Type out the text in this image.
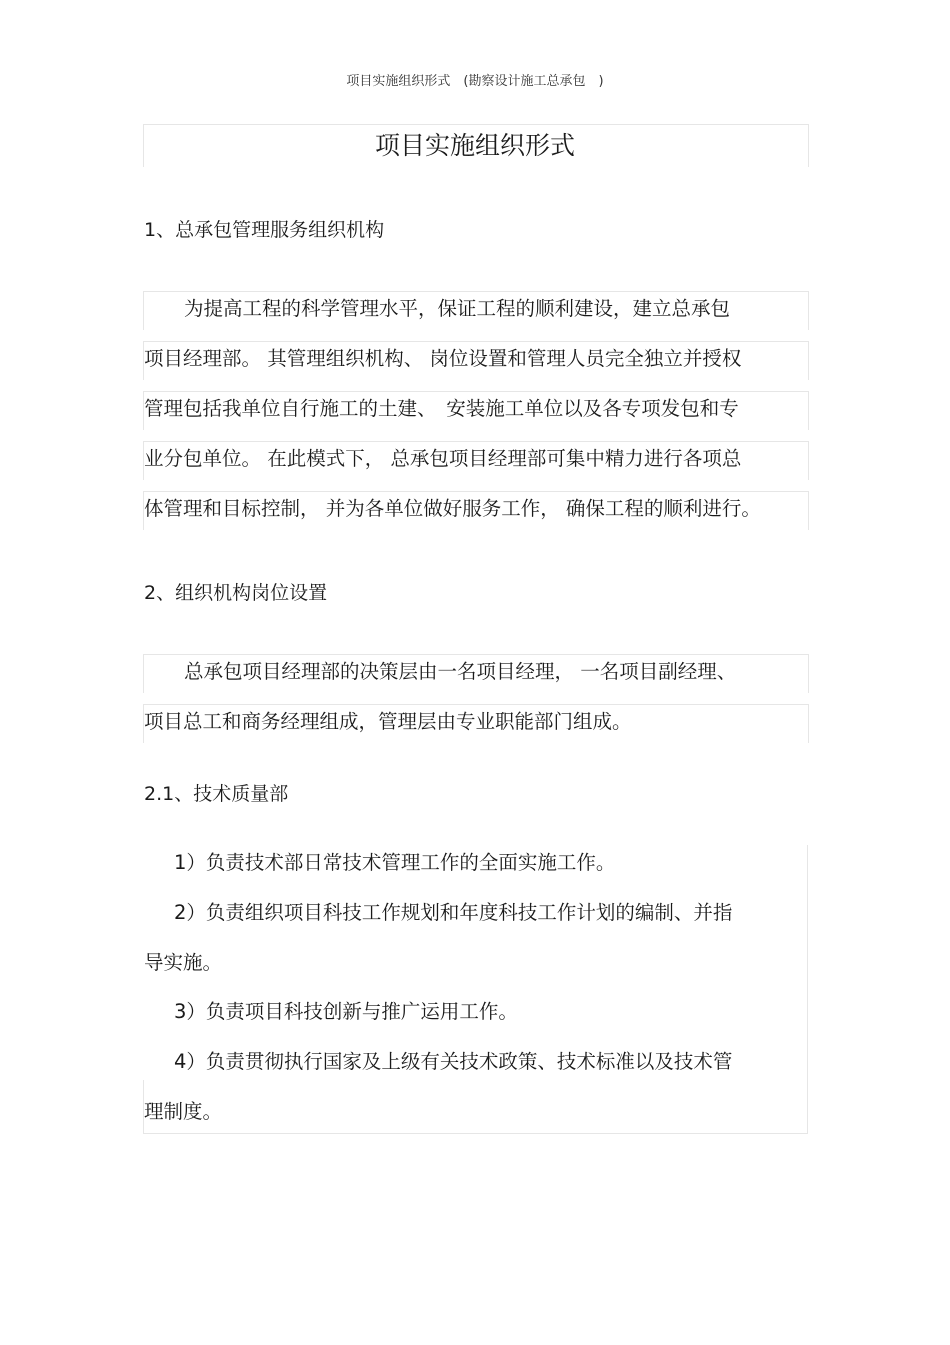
项目实施组织形式　(勘察设计施工总承包　)
项目实施组织形式
1、总承包管理服务组织机构
为提高工程的科学管理水平，保证工程的顺利建设，建立总承包
项目经理部。 其管理组织机构、 岗位设置和管理人员完全独立并授权
管理包括我单位自行施工的土建、　安装施工单位以及各专项发包和专
业分包单位。 在此模式下， 总承包项目经理部可集中精力进行各项总
体管理和目标控制， 并为各单位做好服务工作， 确保工程的顺利进行。
2、组织机构岗位设置
总承包项目经理部的决策层由一名项目经理， 一名项目副经理、
项目总工和商务经理组成，管理层由专业职能部门组成。
2.1、技术质量部
1）负责技术部日常技术管理工作的全面实施工作。
2）负责组织项目科技工作规划和年度科技工作计划的编制、并指
导实施。
3）负责项目科技创新与推广运用工作。
4）负责贯彻执行国家及上级有关技术政策、技术标准以及技术管
理制度。
